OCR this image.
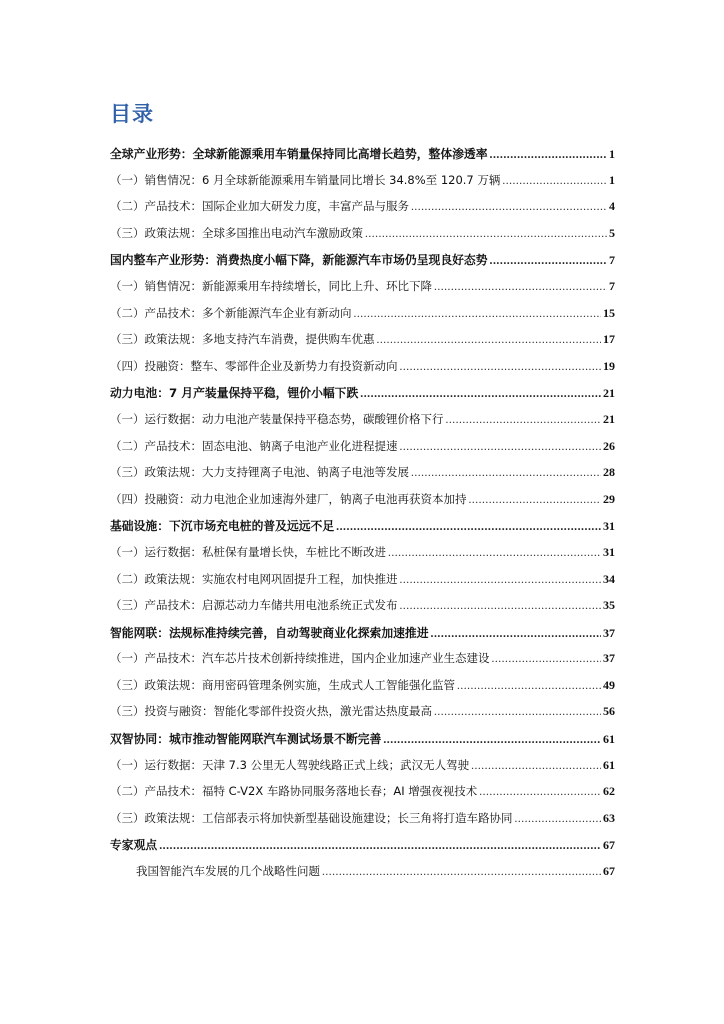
目录
全球产业形势：全球新能源乘用车销量保持同比高增长趋势，整体渗透率 .....	1
（一）销售情况：6 月全球新能源乘用车销量同比增长 34.8%至 120.7 万辆 .....	1
（二）产品技术：国际企业加大研发力度，丰富产品与服务 .....	4
（三）政策法规：全球多国推出电动汽车激励政策 .....	5
国内整车产业形势：消费热度小幅下降，新能源汽车市场仍呈现良好态势 .....	7
（一）销售情况：新能源乘用车持续增长，同比上升、环比下降 .....	7
（二）产品技术：多个新能源汽车企业有新动向 .....	15
（三）政策法规：多地支持汽车消费，提供购车优惠 .....	17
（四）投融资：整车、零部件企业及新势力有投资新动向 .....	19
动力电池：7 月产装量保持平稳，锂价小幅下跌 .....	21
（一）运行数据：动力电池产装量保持平稳态势，碳酸锂价格下行 .....	21
（二）产品技术：固态电池、钠离子电池产业化进程提速 .....	26
（三）政策法规：大力支持锂离子电池、钠离子电池等发展 .....	28
（四）投融资：动力电池企业加速海外建厂，钠离子电池再获资本加持 .....	29
基础设施：下沉市场充电桩的普及远远不足 .....	31
（一）运行数据：私桩保有量增长快，车桩比不断改进 .....	31
（二）政策法规：实施农村电网巩固提升工程，加快推进 .....	34
（三）产品技术：启源芯动力车储共用电池系统正式发布 .....	35
智能网联：法规标准持续完善，自动驾驶商业化探索加速推进 .....	37
（一）产品技术：汽车芯片技术创新持续推进，国内企业加速产业生态建设 .....	37
（三）政策法规：商用密码管理条例实施，生成式人工智能强化监管 .....	49
（三）投资与融资：智能化零部件投资火热，激光雷达热度最高 .....	56
双智协同：城市推动智能网联汽车测试场景不断完善 .....	61
（一）运行数据：天津 7.3 公里无人驾驶线路正式上线；武汉无人驾驶 .....	61
（二）产品技术：福特 C-V2X 车路协同服务落地长春；AI 增强夜视技术 .....	62
（三）政策法规：工信部表示将加快新型基础设施建设；长三角将打造车路协同 .....	63
专家观点 .....	67
我国智能汽车发展的几个战略性问题 .....	67
